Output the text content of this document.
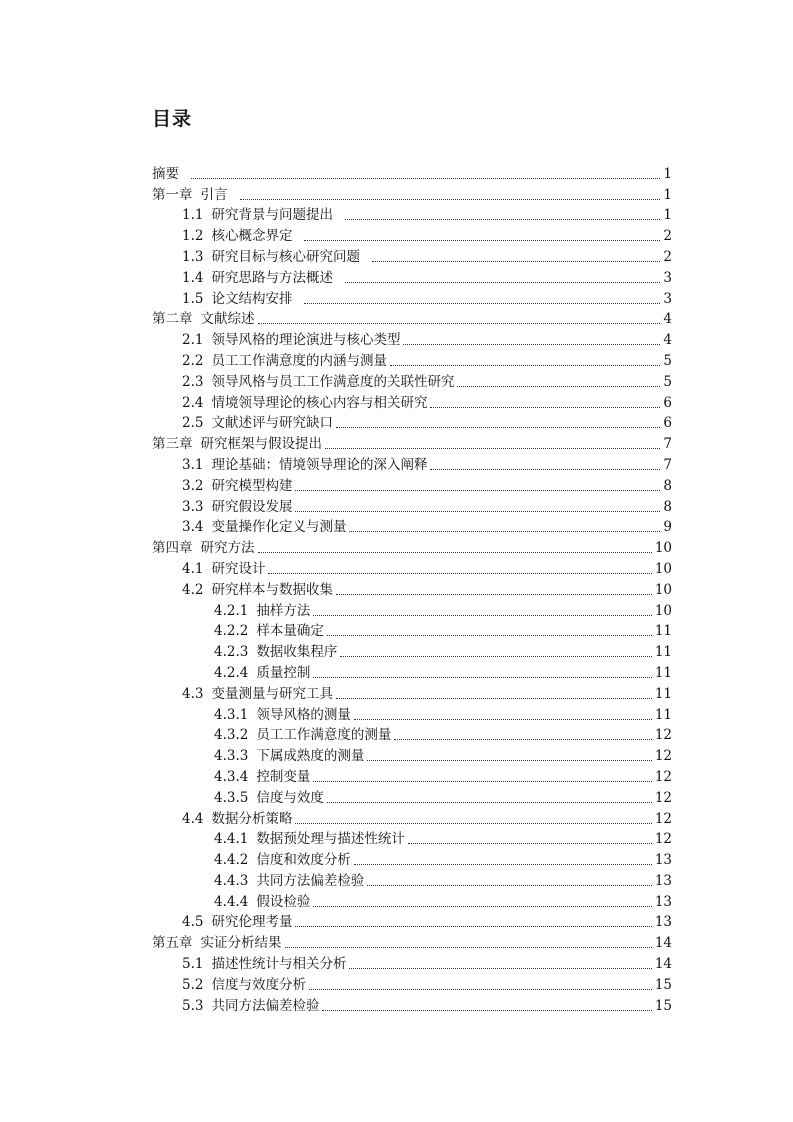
目录
摘要	1
第一章 引言	1
1.1 研究背景与问题提出	1
1.2 核心概念界定	2
1.3 研究目标与核心研究问题	2
1.4 研究思路与方法概述	3
1.5 论文结构安排	3
第二章 文献综述	4
2.1 领导风格的理论演进与核心类型	4
2.2 员工工作满意度的内涵与测量	5
2.3 领导风格与员工工作满意度的关联性研究	5
2.4 情境领导理论的核心内容与相关研究	6
2.5 文献述评与研究缺口	6
第三章 研究框架与假设提出	7
3.1 理论基础：情境领导理论的深入阐释	7
3.2 研究模型构建	8
3.3 研究假设发展	8
3.4 变量操作化定义与测量	9
第四章 研究方法	10
4.1 研究设计	10
4.2 研究样本与数据收集	10
4.2.1 抽样方法	10
4.2.2 样本量确定	11
4.2.3 数据收集程序	11
4.2.4 质量控制	11
4.3 变量测量与研究工具	11
4.3.1 领导风格的测量	11
4.3.2 员工工作满意度的测量	12
4.3.3 下属成熟度的测量	12
4.3.4 控制变量	12
4.3.5 信度与效度	12
4.4 数据分析策略	12
4.4.1 数据预处理与描述性统计	12
4.4.2 信度和效度分析	13
4.4.3 共同方法偏差检验	13
4.4.4 假设检验	13
4.5 研究伦理考量	13
第五章 实证分析结果	14
5.1 描述性统计与相关分析	14
5.2 信度与效度分析	15
5.3 共同方法偏差检验	15
